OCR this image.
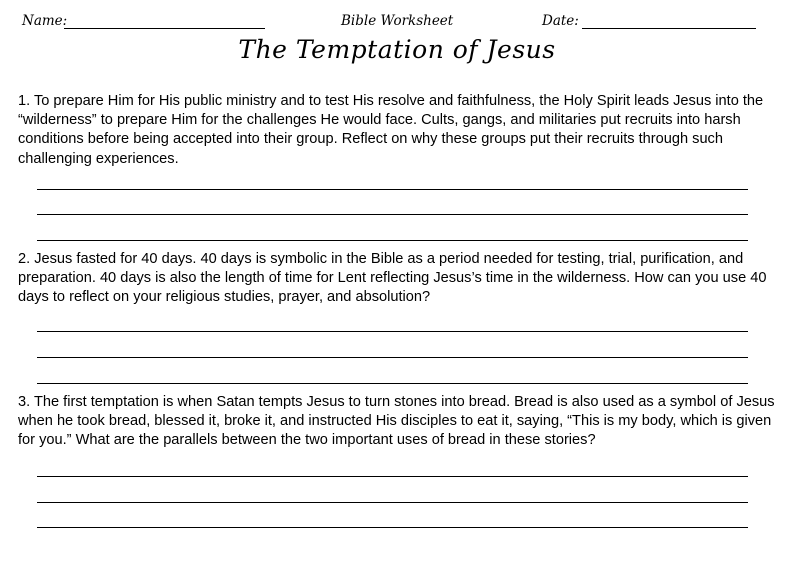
Name:	Bible Worksheet	Date:
The Temptation of Jesus

1. To prepare Him for His public ministry and to test His resolve and faithfulness, the Holy Spirit leads Jesus into the “wilderness” to prepare Him for the challenges He would face. Cults, gangs, and militaries put recruits into harsh conditions before being accepted into their group. Reflect on why these groups put their recruits through such challenging experiences.

2. Jesus fasted for 40 days. 40 days is symbolic in the Bible as a period needed for testing, trial, purification, and preparation. 40 days is also the length of time for Lent reflecting Jesus’s time in the wilderness. How can you use 40 days to reflect on your religious studies, prayer, and absolution?

3. The first temptation is when Satan tempts Jesus to turn stones into bread. Bread is also used as a symbol of Jesus when he took bread, blessed it, broke it, and instructed His disciples to eat it, saying, “This is my body, which is given for you.” What are the parallels between the two important uses of bread in these stories?
